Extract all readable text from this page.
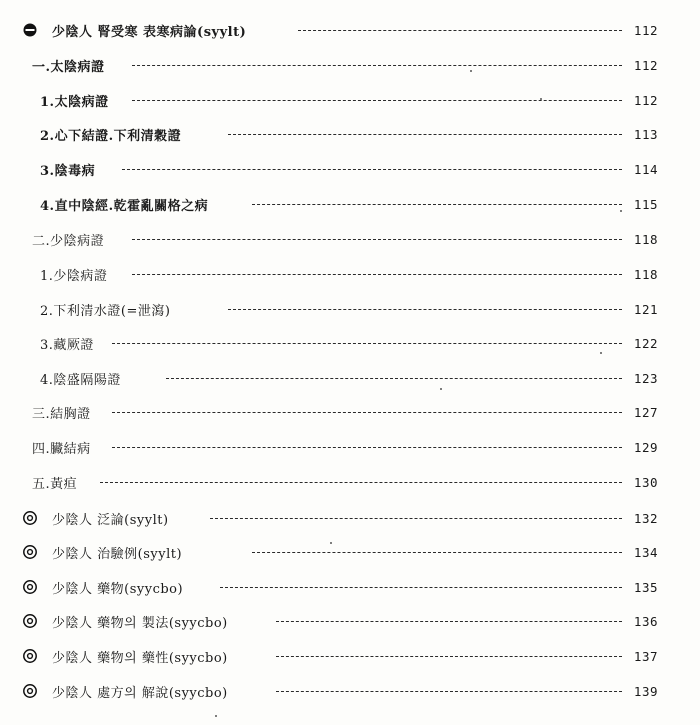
少陰人 腎受寒 表寒病論(syylt)	112
一.太陰病證	112
1.太陰病證	112
2.心下結證.下利清穀證	113
3.陰毒病	114
4.直中陰經.乾霍亂關格之病	115
二.少陰病證	118
1.少陰病證	118
2.下利清水證(=泄瀉)	121
3.藏厥證	122
4.陰盛隔陽證	123
三.結胸證	127
四.臟結病	129
五.黃疸	130
少陰人 泛論(syylt)	132
少陰人 治驗例(syylt)	134
少陰人 藥物(syycbo)	135
少陰人 藥物의 製法(syycbo)	136
少陰人 藥物의 藥性(syycbo)	137
少陰人 處方의 解說(syycbo)	139
